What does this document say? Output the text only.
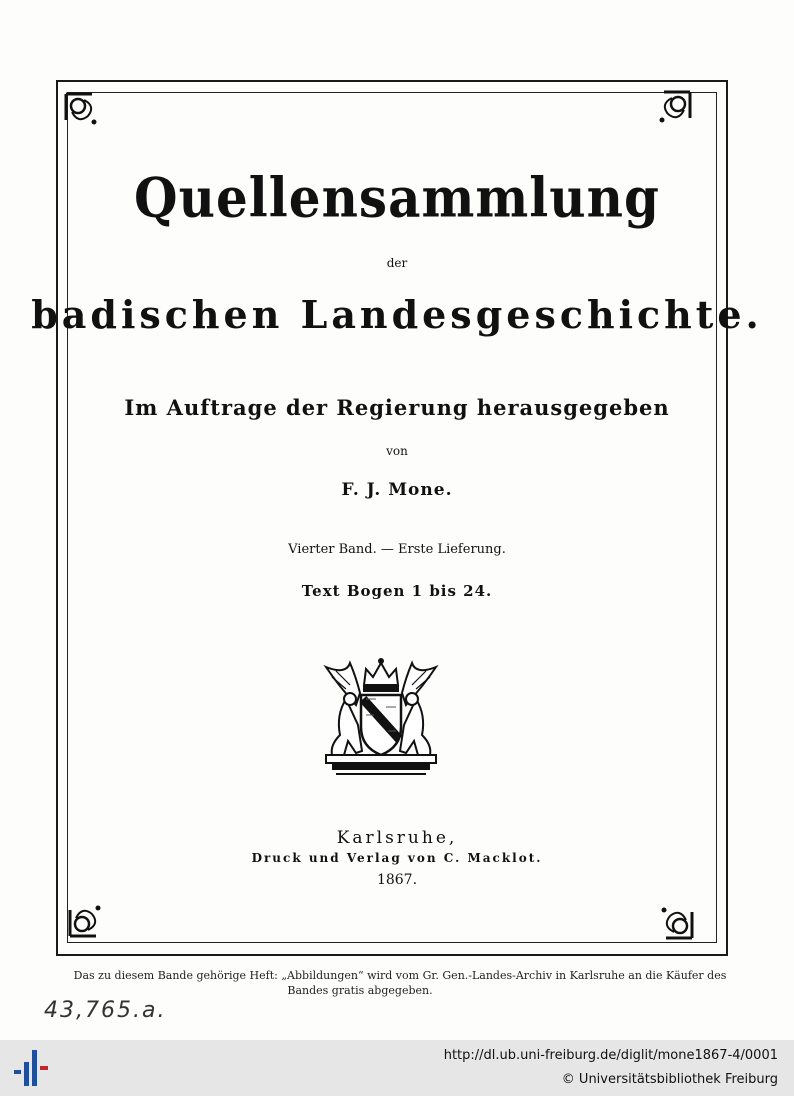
Quellensammlung
der
badischen Landesgeschichte.
Im Auftrage der Regierung herausgegeben
von
F. J. Mone.
Vierter Band. — Erste Lieferung.
Text Bogen 1 bis 24.
Karlsruhe,
Druck und Verlag von C. Macklot.
1867.
Das zu diesem Bande gehörige Heft: „Abbildungen“ wird vom Gr. Gen.-Landes-Archiv in Karlsruhe an die Käufer des
Bandes gratis abgegeben.
43,765.a.
http://dl.ub.uni-freiburg.de/diglit/mone1867-4/0001
© Universitätsbibliothek Freiburg
